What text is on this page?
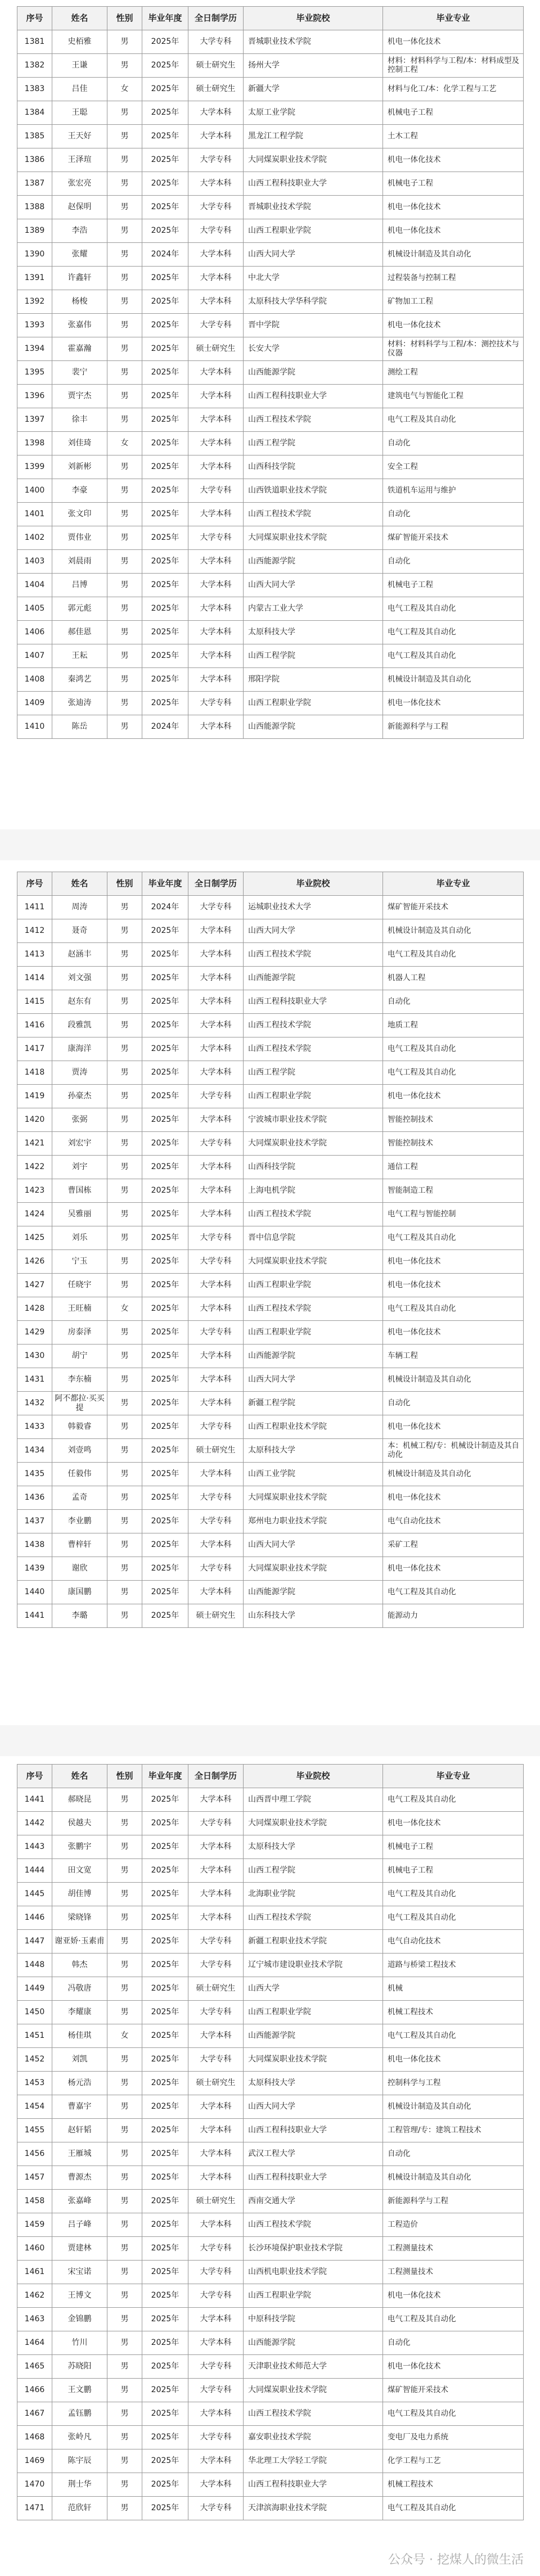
序号	姓名	性别	毕业年度	全日制学历	毕业院校	毕业专业
1381	史栢雅	男	2025年	大学专科	晋城职业技术学院	机电一体化技术
1382	王谦	男	2025年	硕士研究生	扬州大学	材料：材料科学与工程/本：材料成型及控制工程
1383	吕佳	女	2025年	硕士研究生	新疆大学	材料与化工/本：化学工程与工艺
1384	王聪	男	2025年	大学本科	太原工业学院	机械电子工程
1385	王天好	男	2025年	大学本科	黑龙江工程学院	土木工程
1386	王泽瑄	男	2025年	大学专科	大同煤炭职业技术学院	机电一体化技术
1387	张宏亮	男	2025年	大学本科	山西工程科技职业大学	机械电子工程
1388	赵保明	男	2025年	大学专科	晋城职业技术学院	机电一体化技术
1389	李浩	男	2025年	大学专科	山西工程职业学院	机电一体化技术
1390	张耀	男	2024年	大学本科	山西大同大学	机械设计制造及其自动化
1391	许鑫轩	男	2025年	大学本科	中北大学	过程装备与控制工程
1392	杨梭	男	2025年	大学本科	太原科技大学华科学院	矿物加工工程
1393	张嘉伟	男	2025年	大学专科	晋中学院	机电一体化技术
1394	霍嘉瀚	男	2025年	硕士研究生	长安大学	材料：材料科学与工程/本：测控技术与仪器
1395	裴宁	男	2025年	大学本科	山西能源学院	测绘工程
1396	贾宇杰	男	2025年	大学本科	山西工程科技职业大学	建筑电气与智能化工程
1397	徐丰	男	2025年	大学本科	山西工程技术学院	电气工程及其自动化
1398	刘佳琦	女	2025年	大学本科	山西工程学院	自动化
1399	刘新彬	男	2025年	大学本科	山西科技学院	安全工程
1400	李豪	男	2025年	大学专科	山西铁道职业技术学院	铁道机车运用与维护
1401	张文印	男	2025年	大学本科	山西工程技术学院	自动化
1402	贾伟业	男	2025年	大学专科	大同煤炭职业技术学院	煤矿智能开采技术
1403	刘晨雨	男	2025年	大学本科	山西能源学院	自动化
1404	吕博	男	2025年	大学本科	山西大同大学	机械电子工程
1405	郭元彪	男	2025年	大学本科	内蒙古工业大学	电气工程及其自动化
1406	郝佳恩	男	2025年	大学本科	太原科技大学	电气工程及其自动化
1407	王耘	男	2025年	大学本科	山西工程学院	电气工程及其自动化
1408	秦鸿艺	男	2025年	大学本科	邢阳学院	机械设计制造及其自动化
1409	张迪涛	男	2025年	大学专科	山西工程职业学院	机电一体化技术
1410	陈岳	男	2024年	大学本科	山西能源学院	新能源科学与工程
序号	姓名	性别	毕业年度	全日制学历	毕业院校	毕业专业
1411	周涛	男	2024年	大学专科	运城职业技术大学	煤矿智能开采技术
1412	聂奇	男	2025年	大学本科	山西大同大学	机械设计制造及其自动化
1413	赵涵丰	男	2025年	大学本科	山西工程技术学院	电气工程及其自动化
1414	刘文强	男	2025年	大学本科	山西能源学院	机器人工程
1415	赵东有	男	2025年	大学本科	山西工程科技职业大学	自动化
1416	段雅凯	男	2025年	大学本科	山西工程技术学院	地质工程
1417	康海洋	男	2025年	大学本科	山西工程技术学院	电气工程及其自动化
1418	贾涛	男	2025年	大学本科	山西工程学院	电气工程及其自动化
1419	孙豪杰	男	2025年	大学专科	山西工程职业学院	机电一体化技术
1420	张弼	男	2025年	大学本科	宁波城市职业技术学院	智能控制技术
1421	刘宏宇	男	2025年	大学专科	大同煤炭职业技术学院	智能控制技术
1422	刘宇	男	2025年	大学本科	山西科技学院	通信工程
1423	曹国栋	男	2025年	大学本科	上海电机学院	智能制造工程
1424	吴雅丽	男	2025年	大学本科	山西工程技术学院	电气工程与智能控制
1425	刘乐	男	2025年	大学专科	晋中信息学院	电气工程及其自动化
1426	宁玉	男	2025年	大学专科	大同煤炭职业技术学院	机电一体化技术
1427	任晓宇	男	2025年	大学本科	山西工程职业学院	机电一体化技术
1428	王旺楠	女	2025年	大学本科	山西工程技术学院	电气工程及其自动化
1429	房泰泽	男	2025年	大学专科	山西工程职业学院	机电一体化技术
1430	胡宁	男	2025年	大学本科	山西能源学院	车辆工程
1431	李东楠	男	2025年	大学本科	山西大同大学	机械设计制造及其自动化
1432	阿不都拉·买买提	男	2025年	大学本科	新疆工程学院	自动化
1433	韩毅睿	男	2025年	大学专科	山西工程职业技术学院	机电一体化技术
1434	刘壹鸣	男	2025年	硕士研究生	太原科技大学	本：机械工程/专：机械设计制造及其自动化
1435	任毅伟	男	2025年	大学本科	山西工业学院	机械设计制造及其自动化
1436	孟奇	男	2025年	大学专科	大同煤炭职业技术学院	机电一体化技术
1437	李业鹏	男	2025年	大学专科	郑州电力职业技术学院	电气自动化技术
1438	曹梓轩	男	2025年	大学本科	山西大同大学	采矿工程
1439	谢欣	男	2025年	大学专科	大同煤炭职业技术学院	机电一体化技术
1440	康国鹏	男	2025年	大学本科	山西能源学院	电气工程及其自动化
1441	李璐	男	2025年	硕士研究生	山东科技大学	能源动力
序号	姓名	性别	毕业年度	全日制学历	毕业院校	毕业专业
1441	郝晓昆	男	2025年	大学本科	山西晋中理工学院	电气工程及其自动化
1442	侯越夫	男	2025年	大学专科	大同煤炭职业技术学院	机电一体化技术
1443	张鹏宇	男	2025年	大学本科	太原科技大学	机械电子工程
1444	田文宽	男	2025年	大学本科	山西工程学院	机械电子工程
1445	胡佳博	男	2025年	大学本科	北海职业学院	电气工程及其自动化
1446	梁晓锋	男	2025年	大学本科	山西工程技术学院	电气工程及其自动化
1447	谢亚娇·玉素甫	男	2025年	大学专科	新疆工程职业技术学院	电气自动化技术
1448	韩杰	男	2025年	大学专科	辽宁城市建设职业技术学院	道路与桥梁工程技术
1449	冯敬唐	男	2025年	硕士研究生	山西大学	机械
1450	李耀康	男	2025年	大学专科	山西工程职业学院	机械工程技术
1451	杨佳琪	女	2025年	大学本科	山西能源学院	电气工程及其自动化
1452	刘凯	男	2025年	大学专科	大同煤炭职业技术学院	机电一体化技术
1453	杨元浩	男	2025年	硕士研究生	太原科技大学	控制科学与工程
1454	曹嘉宇	男	2025年	大学本科	山西大同大学	机械设计制造及其自动化
1455	赵轩韬	男	2025年	大学本科	山西工程科技职业大学	工程管理/专：建筑工程技术
1456	王雁城	男	2025年	大学本科	武汉工程大学	自动化
1457	曹源杰	男	2025年	大学本科	山西工程科技职业大学	机械设计制造及其自动化
1458	张嘉峰	男	2025年	硕士研究生	西南交通大学	新能源科学与工程
1459	吕子峰	男	2025年	大学本科	山西工程技术学院	工程造价
1460	贾建林	男	2025年	大学专科	长沙环境保护职业技术学院	工程测量技术
1461	宋宝诺	男	2025年	大学专科	山西机电职业技术学院	工程测量技术
1462	王博文	男	2025年	大学专科	山西工程职业学院	机电一体化技术
1463	金锦鹏	男	2025年	大学本科	中原科技学院	电气工程及其自动化
1464	竹川	男	2025年	大学本科	山西能源学院	自动化
1465	苏晓阳	男	2025年	大学专科	天津职业技术师范大学	机电一体化技术
1466	王文鹏	男	2025年	大学专科	大同煤炭职业技术学院	煤矿智能开采技术
1467	孟钰鹏	男	2025年	大学本科	山西工程技术学院	电气工程及其自动化
1468	张岭凡	男	2025年	大学专科	嘉安职业技术学院	变电厂及电力系统
1469	陈宇辰	男	2025年	大学本科	华北理工大学轻工学院	化学工程与工艺
1470	荆士华	男	2025年	大学本科	山西工程科技职业大学	机械工程技术
1471	范欣轩	男	2025年	大学专科	天津滨海职业技术学院	电气工程及其自动化
公众号 · 挖煤人的微生活
